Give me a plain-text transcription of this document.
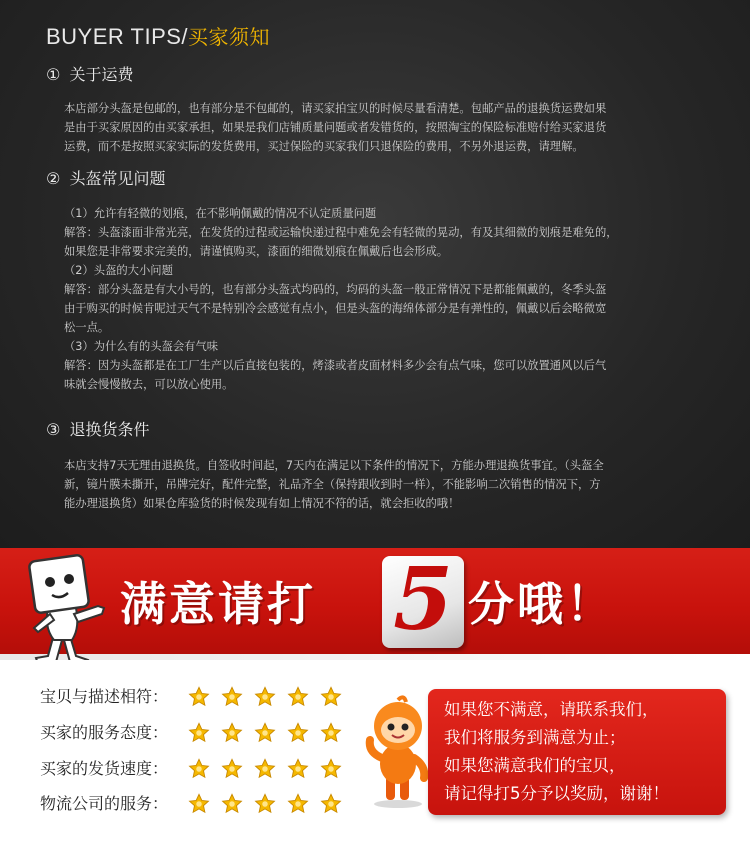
BUYER TIPS/买家须知
① 关于运费
本店部分头盔是包邮的，也有部分是不包邮的，请买家拍宝贝的时候尽量看清楚。包邮产品的退换货运费如果
是由于买家原因的由买家承担，如果是我们店铺质量问题或者发错货的，按照淘宝的保险标准赔付给买家退货
运费，而不是按照买家实际的发货费用，买过保险的买家我们只退保险的费用，不另外退运费，请理解。
② 头盔常见问题
（1）允许有轻微的划痕，在不影响佩戴的情况不认定质量问题
解答：头盔漆面非常光亮，在发货的过程或运输快递过程中难免会有轻微的晃动，有及其细微的划痕是难免的，
如果您是非常要求完美的，请谨慎购买，漆面的细微划痕在佩戴后也会形成。
（2）头盔的大小问题
解答：部分头盔是有大小号的，也有部分头盔式均码的，均码的头盔一般正常情况下是都能佩戴的，冬季头盔
由于购买的时候肯呢过天气不是特别冷会感觉有点小，但是头盔的海绵体部分是有弹性的，佩戴以后会略微宽
松一点。
（3）为什么有的头盔会有气味
解答：因为头盔都是在工厂生产以后直接包装的，烤漆或者皮面材料多少会有点气味，您可以放置通风以后气
味就会慢慢散去，可以放心使用。
③ 退换货条件
本店支持7天无理由退换货。自签收时间起，7天内在满足以下条件的情况下，方能办理退换货事宜。（头盔全
新，镜片膜未撕开，吊牌完好，配件完整，礼品齐全（保持跟收到时一样），不能影响二次销售的情况下，方
能办理退换货）如果仓库验货的时候发现有如上情况不符的话，就会拒收的哦！
满意请打 5 分哦！
宝贝与描述相符：
买家的服务态度：
买家的发货速度：
物流公司的服务：
如果您不满意，请联系我们，
我们将服务到满意为止；
如果您满意我们的宝贝，
请记得打5分予以奖励，谢谢！
